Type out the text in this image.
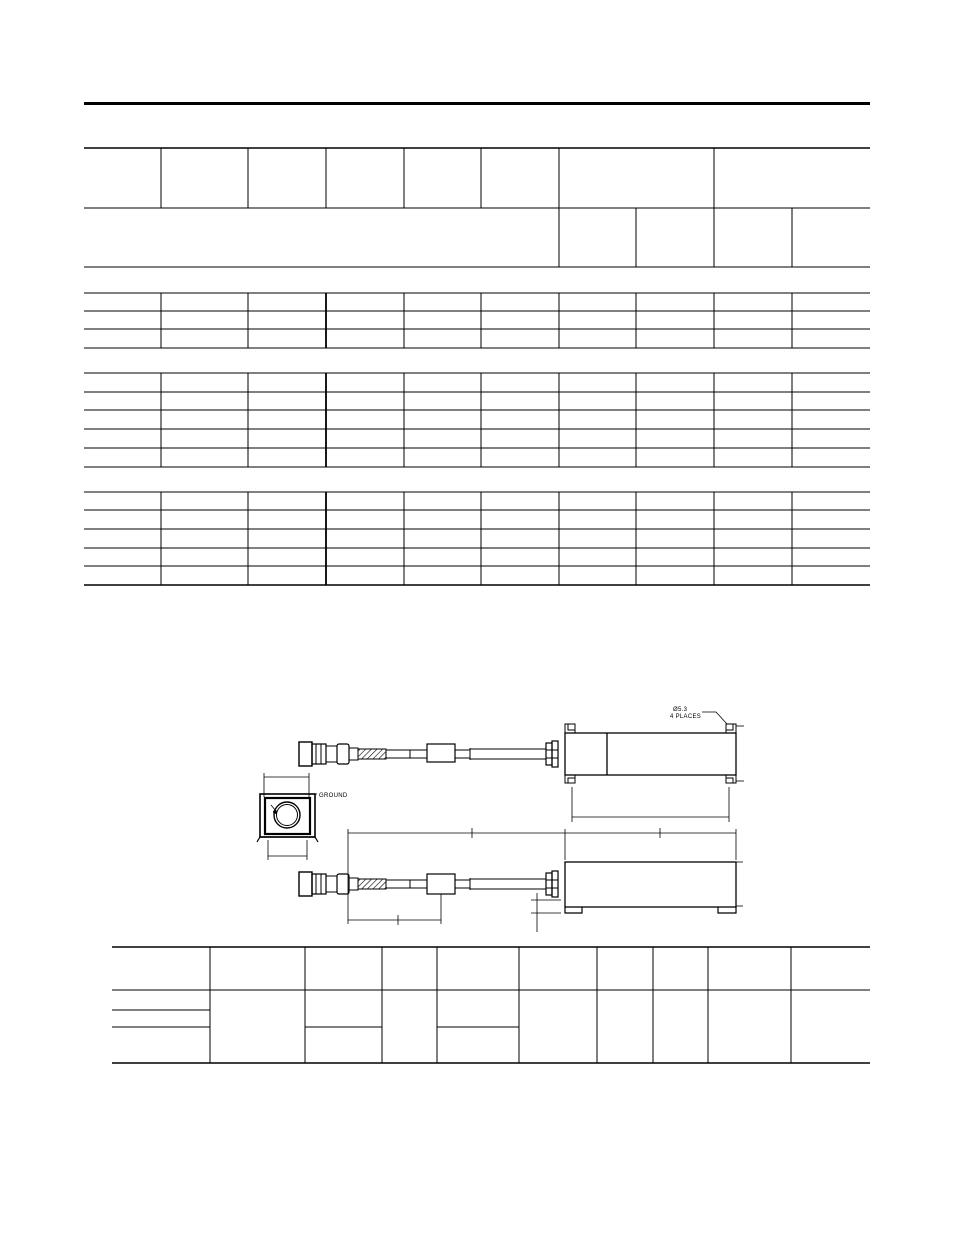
Ø5.3
4 PLACES
GROUND
